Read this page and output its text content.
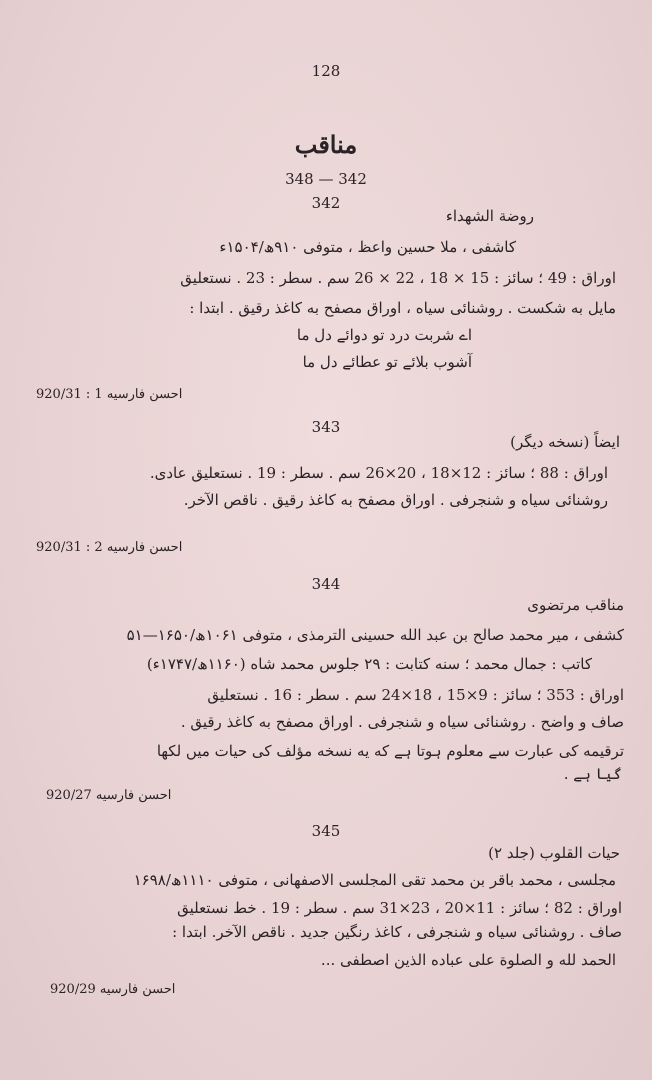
128
مناقب
348 — 342
342
روضة الشهداء
کاشفی ، ملا حسین واعظ ، متوفی ۹۱۰ھ/۱۵۰۴ء
اوراق : 49 ؛ سائز : 15 × 18 ، 22 × 26 سم . سطر : 23 . نستعلیق
مایل به شکست . روشنائی سیاه ، اوراق مصفح به کاغذ رقیق . ابتدا :
اے شربت درد تو دوائے دل ما
آشوب بلائے تو عطائے دل ما
احسن فارسیه 1 : 920/31
343
ایضاً (نسخه دیگر)
اوراق : 88 ؛ سائز : 12×18 ، 20×26 سم . سطر : 19 . نستعلیق عادی.
روشنائی سیاه و شنجرفی . اوراق مصفح به کاغذ رقیق . ناقص الآخر.
احسن فارسیه 2 : 920/31
344
مناقب مرتضوی
کشفی ، میر محمد صالح بن عبد الله حسینی الترمذی ، متوفی ۱۰۶۱ھ/۱۶۵۰—۵۱
کاتب : جمال محمد ؛ سنه کتابت : ۲۹ جلوس محمد شاه (۱۱۶۰ھ/۱۷۴۷ء)
اوراق : 353 ؛ سائز : 9×15 ، 18×24 سم . سطر : 16 . نستعلیق
صاف و واضح . روشنائی سیاه و شنجرفی . اوراق مصفح به کاغذ رقیق .
ترقیمه کی عبارت سے معلوم ہوتا ہے که یه نسخه مؤلف کی حیات میں لکھا
گیا ہے .
احسن فارسیه 920/27
345
حیات القلوب (جلد ۲)
مجلسی ، محمد باقر بن محمد تقی المجلسی الاصفهانی ، متوفی ۱۱۱۰ھ/۱۶۹۸
اوراق : 82 ؛ سائز : 11×20 ، 23×31 سم . سطر : 19 . خط نستعلیق
صاف . روشنائی سیاه و شنجرفی ، کاغذ رنگین جدید . ناقص الآخر. ابتدا :
الحمد لله و الصلوة علی عباده الذین اصطفی ...
احسن فارسیه 920/29
